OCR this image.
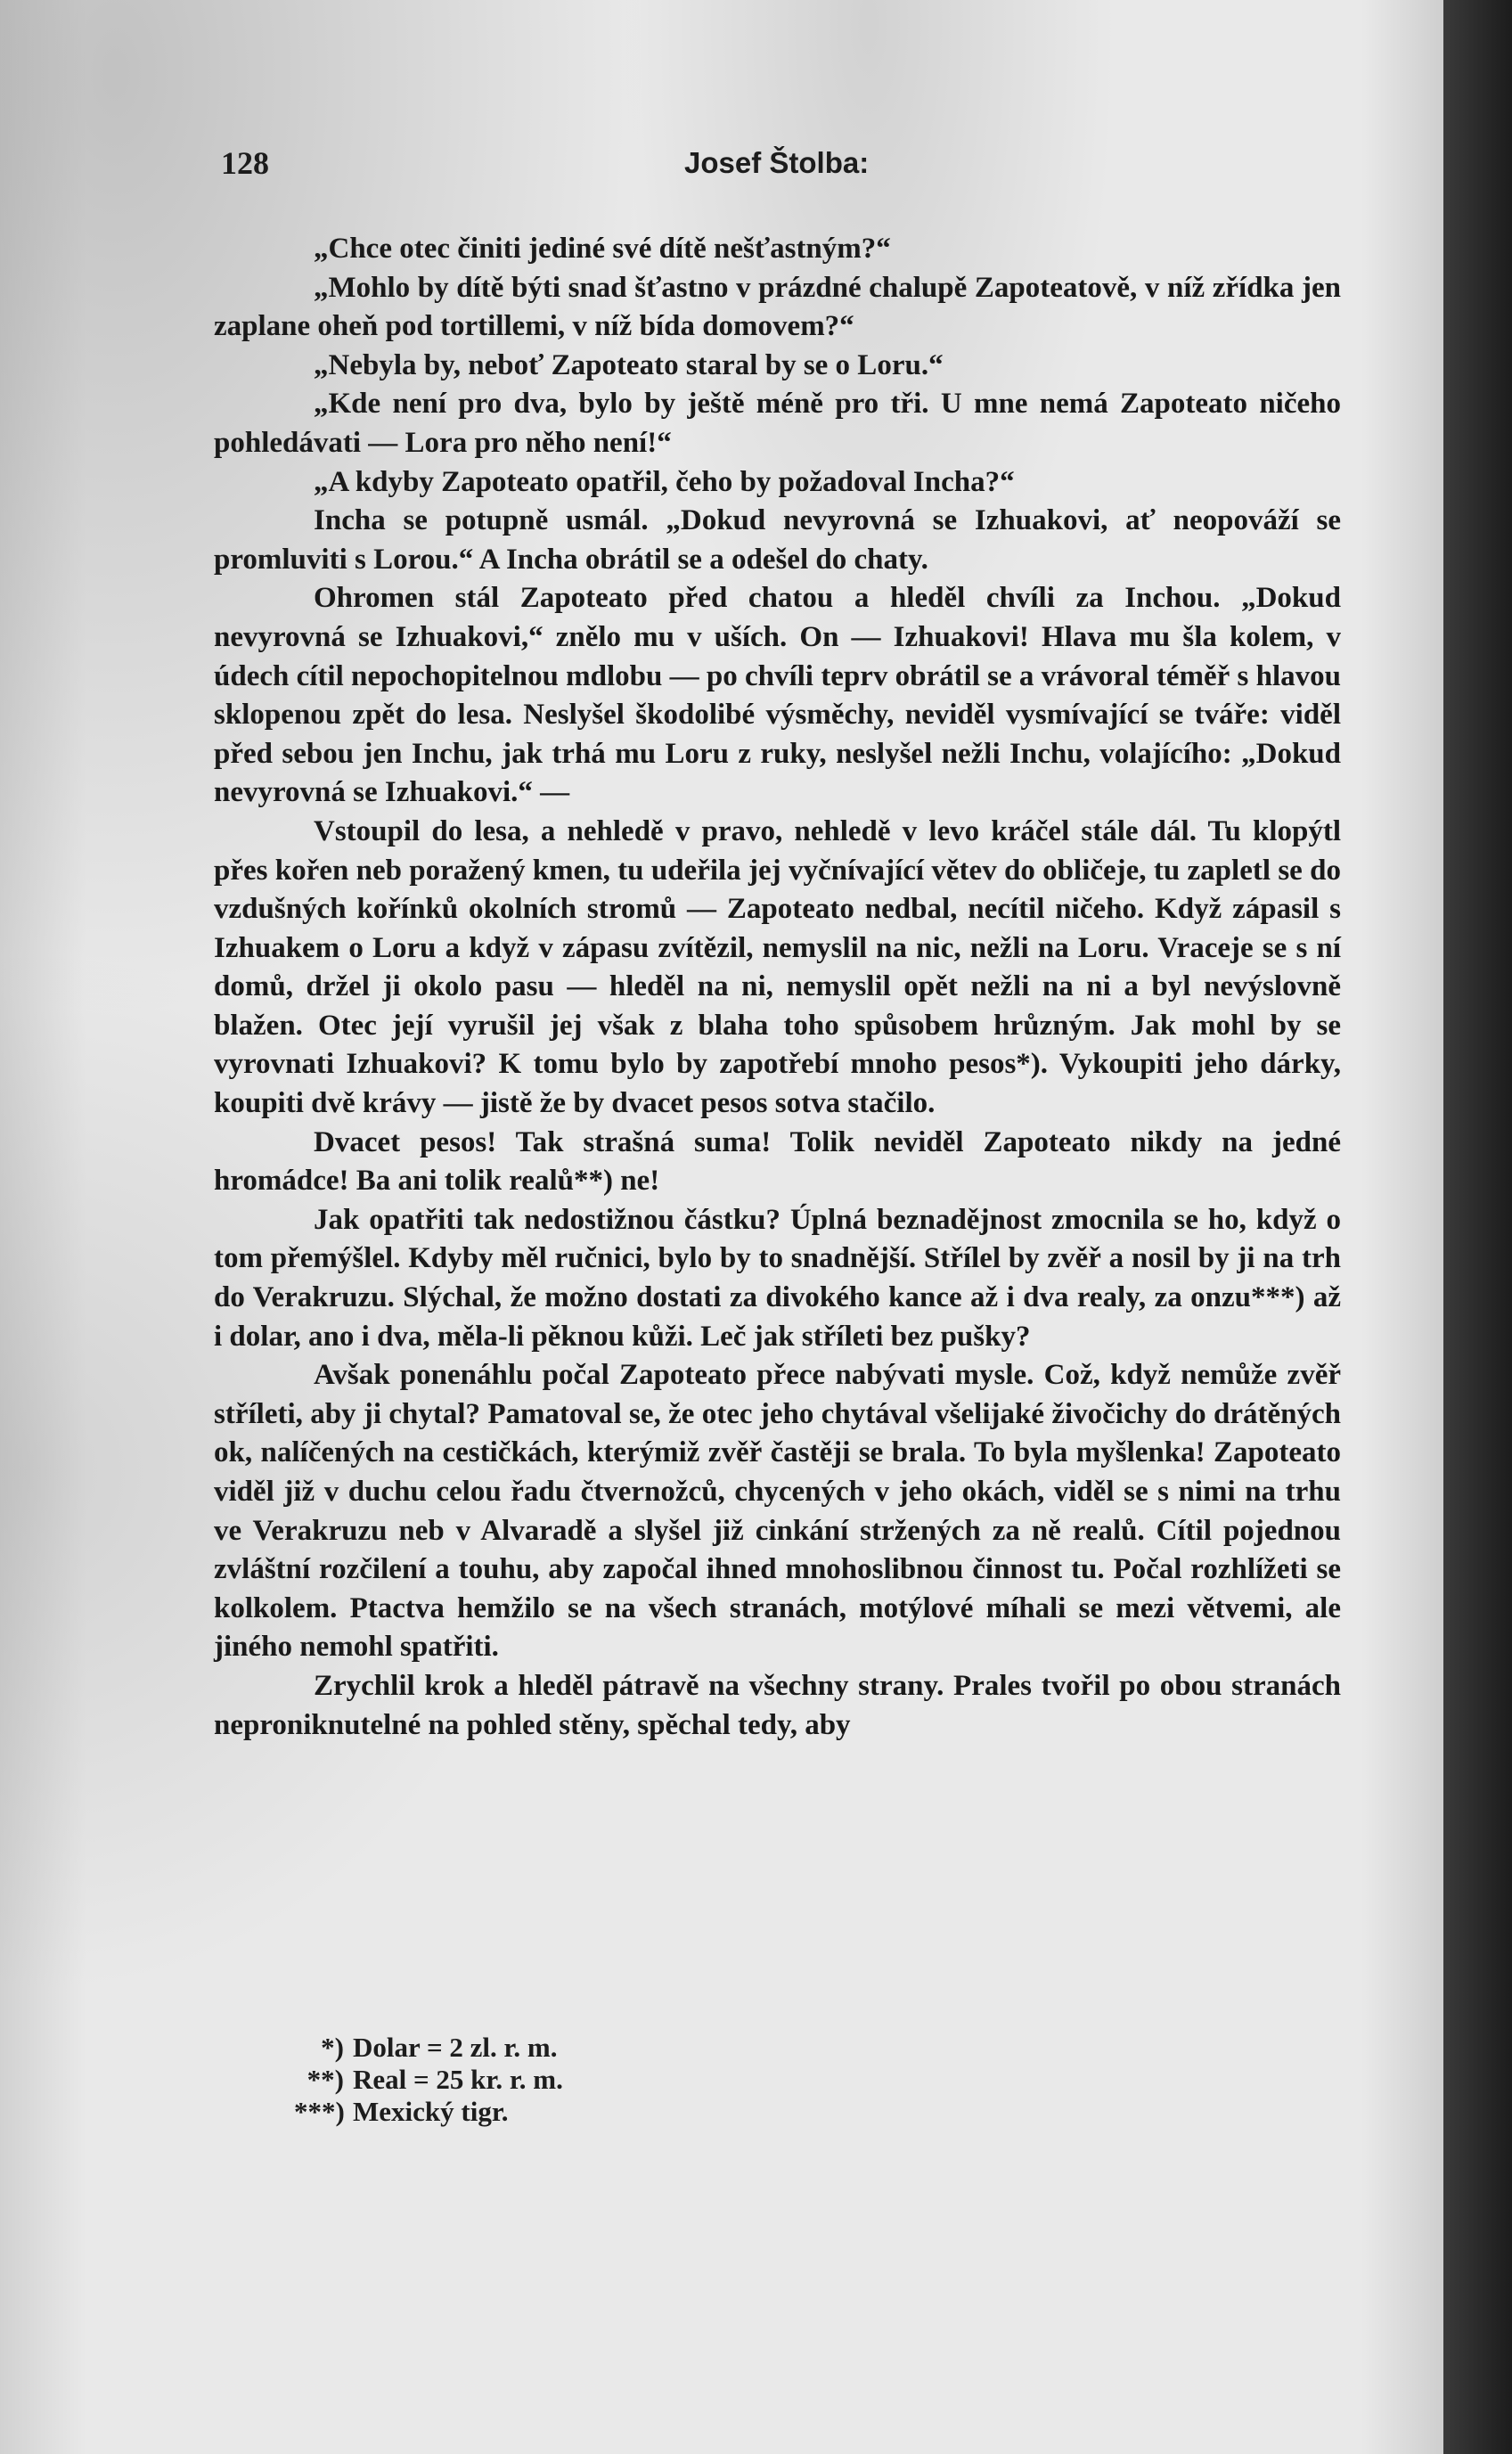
128	Josef Štolba:

„Chce otec činiti jediné své dítě nešťastným?“

„Mohlo by dítě býti snad šťastno v prázdné chalupě Zapoteatově, v níž zřídka jen zaplane oheň pod tortillemi, v níž bída domovem?“

„Nebyla by, neboť Zapoteato staral by se o Loru.“

„Kde není pro dva, bylo by ještě méně pro tři. U mne nemá Zapoteato ničeho pohledávati — Lora pro něho není!“

„A kdyby Zapoteato opatřil, čeho by požadoval Incha?“

Incha se potupně usmál. „Dokud nevyrovná se Izhuakovi, ať neopováží se promluviti s Lorou.“ A Incha obrátil se a odešel do chaty.

Ohromen stál Zapoteato před chatou a hleděl chvíli za Inchou. „Dokud nevyrovná se Izhuakovi,“ znělo mu v uších. On — Izhuakovi! Hlava mu šla kolem, v údech cítil nepochopitelnou mdlobu — po chvíli teprv obrátil se a vrávoral téměř s hlavou sklopenou zpět do lesa. Neslyšel škodolibé výsměchy, neviděl vysmívající se tváře: viděl před sebou jen Inchu, jak trhá mu Loru z ruky, neslyšel nežli Inchu, volajícího: „Dokud nevyrovná se Izhuakovi.“ —

Vstoupil do lesa, a nehledě v pravo, nehledě v levo kráčel stále dál. Tu klopýtl přes kořen neb poražený kmen, tu udeřila jej vyčnívající větev do obličeje, tu zapletl se do vzdušných kořínků okolních stromů — Zapoteato nedbal, necítil ničeho. Když zápasil s Izhuakem o Loru a když v zápasu zvítězil, nemyslil na nic, nežli na Loru. Vraceje se s ní domů, držel ji okolo pasu — hleděl na ni, nemyslil opět nežli na ni a byl nevýslovně blažen. Otec její vyrušil jej však z blaha toho spůsobem hrůzným. Jak mohl by se vyrovnati Izhuakovi? K tomu bylo by zapotřebí mnoho pesos*). Vykoupiti jeho dárky, koupiti dvě krávy — jistě že by dvacet pesos sotva stačilo.

Dvacet pesos! Tak strašná suma! Tolik neviděl Zapoteato nikdy na jedné hromádce! Ba ani tolik realů**) ne!

Jak opatřiti tak nedostižnou částku? Úplná beznadějnost zmocnila se ho, když o tom přemýšlel. Kdyby měl ručnici, bylo by to snadnější. Střílel by zvěř a nosil by ji na trh do Verakruzu. Slýchal, že možno dostati za divokého kance až i dva realy, za onzu***) až i dolar, ano i dva, měla-li pěknou kůži. Leč jak stříleti bez pušky?

Avšak ponenáhlu počal Zapoteato přece nabývati mysle. Což, když nemůže zvěř stříleti, aby ji chytal? Pamatoval se, že otec jeho chytával všelijaké živočichy do drátěných ok, nalíčených na cestičkách, kterýmiž zvěř častěji se brala. To byla myšlenka! Zapoteato viděl již v duchu celou řadu čtvernožců, chycených v jeho okách, viděl se s nimi na trhu ve Verakruzu neb v Alvaradě a slyšel již cinkání stržených za ně realů. Cítil pojednou zvláštní rozčilení a touhu, aby započal ihned mnohoslibnou činnost tu. Počal rozhlížeti se kolkolem. Ptactva hemžilo se na všech stranách, motýlové míhali se mezi větvemi, ale jiného nemohl spatřiti.

Zrychlil krok a hleděl pátravě na všechny strany. Prales tvořil po obou stranách neproniknutelné na pohled stěny, spěchal tedy, aby

*) Dolar = 2 zl. r. m.
**) Real = 25 kr. r. m.
***) Mexický tigr.
